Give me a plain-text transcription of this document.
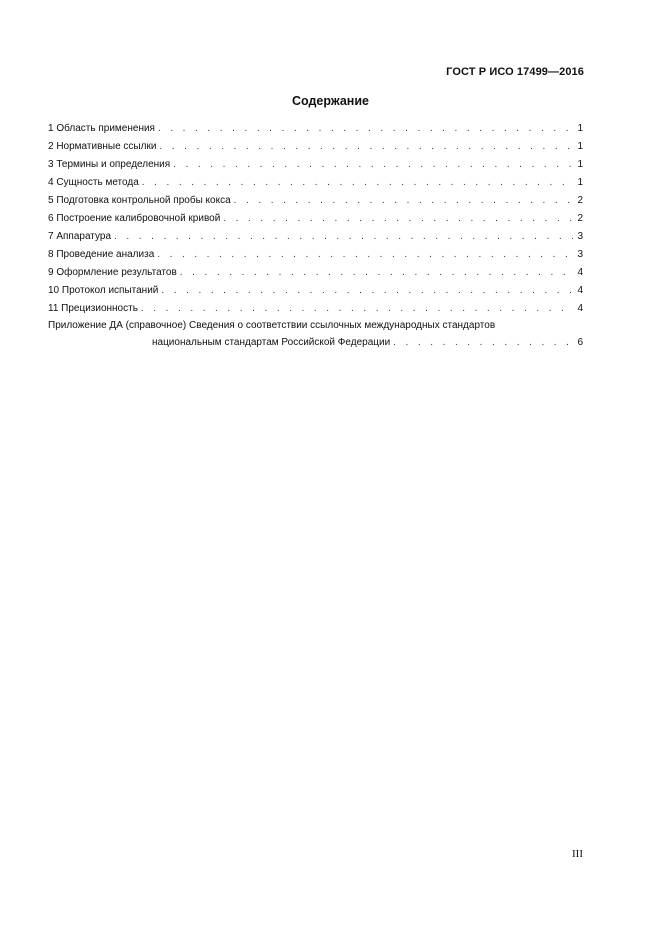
ГОСТ Р ИСО 17499—2016
Содержание
1 Область применения . . .	1
2 Нормативные ссылки . . .	1
3 Термины и определения . . .	1
4 Сущность метода . . .	1
5 Подготовка контрольной пробы кокса . . .	2
6 Построение калибровочной кривой . . .	2
7 Аппаратура . . .	3
8 Проведение анализа . . .	3
9 Оформление результатов . . .	4
10 Протокол испытаний . . .	4
11 Прецизионность . . .	4
Приложение ДА (справочное) Сведения о соответствии ссылочных международных стандартов
национальным стандартам Российской Федерации . . .	6
III
